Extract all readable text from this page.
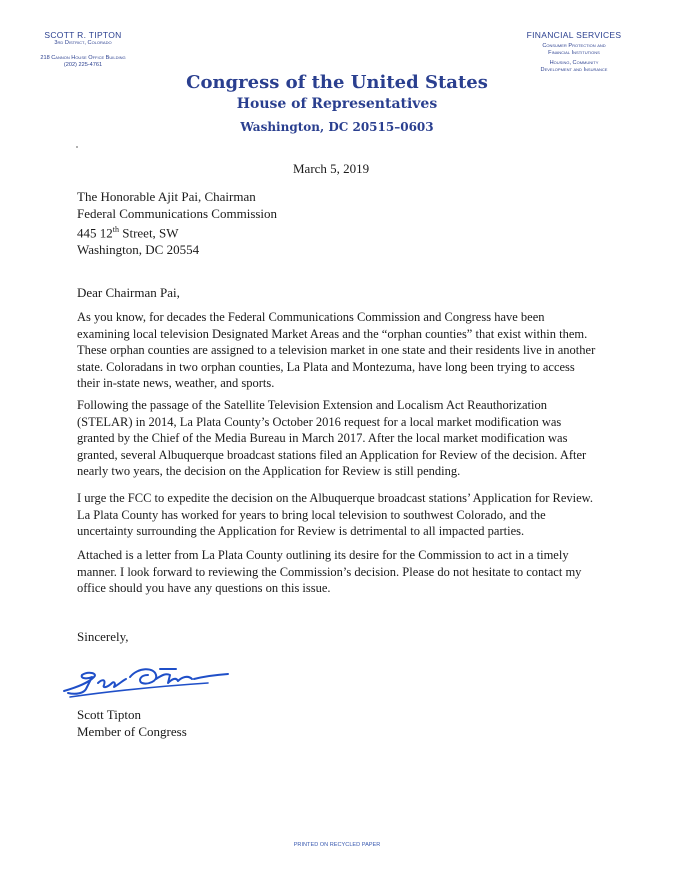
SCOTT R. TIPTON
3rd District, Colorado
218 Cannon House Office Building
(202) 225-4761
FINANCIAL SERVICES
Consumer Protection and
Financial Institutions
Housing, Community
Development and Insurance
Congress of the United States
House of Representatives
Washington, DC 20515–0603
March 5, 2019
The Honorable Ajit Pai, Chairman
Federal Communications Commission
445 12th Street, SW
Washington, DC 20554
Dear Chairman Pai,
As you know, for decades the Federal Communications Commission and Congress have been examining local television Designated Market Areas and the “orphan counties” that exist within them. These orphan counties are assigned to a television market in one state and their residents live in another state. Coloradans in two orphan counties, La Plata and Montezuma, have long been trying to access their in-state news, weather, and sports.
Following the passage of the Satellite Television Extension and Localism Act Reauthorization (STELAR) in 2014, La Plata County’s October 2016 request for a local market modification was granted by the Chief of the Media Bureau in March 2017. After the local market modification was granted, several Albuquerque broadcast stations filed an Application for Review of the decision. After nearly two years, the decision on the Application for Review is still pending.
I urge the FCC to expedite the decision on the Albuquerque broadcast stations’ Application for Review. La Plata County has worked for years to bring local television to southwest Colorado, and the uncertainty surrounding the Application for Review is detrimental to all impacted parties.
Attached is a letter from La Plata County outlining its desire for the Commission to act in a timely manner. I look forward to reviewing the Commission’s decision. Please do not hesitate to contact my office should you have any questions on this issue.
Sincerely,
Scott Tipton
Member of Congress
PRINTED ON RECYCLED PAPER
